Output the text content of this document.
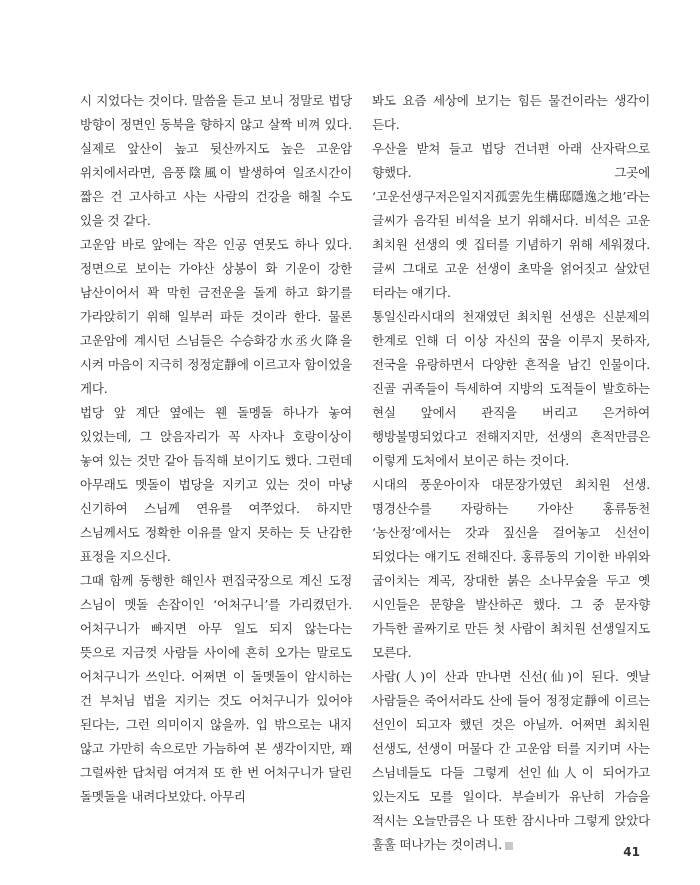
시 지었다는 것이다. 말씀을 듣고 보니 정말로 법당 방향이 정면인 동북을 향하지 않고 살짝 비껴 있다. 실제로 앞산이 높고 뒷산까지도 높은 고운암 위치에서라면, 음풍陰風이 발생하여 일조시간이 짧은 건 고사하고 사는 사람의 건강을 해칠 수도 있을 것 같다.

고운암 바로 앞에는 작은 인공 연못도 하나 있다. 정면으로 보이는 가야산 상봉이 화 기운이 강한 남산이어서 꽉 막힌 금전운을 돌게 하고 화기를 가라앉히기 위해 일부러 파둔 것이라 한다. 물론 고운암에 계시던 스님들은 수승화강水丞火降을 시켜 마음이 지극히 정정定靜에 이르고자 함이었을 게다.

법당 앞 계단 옆에는 웬 돌멩돌 하나가 놓여 있었는데, 그 앉음자리가 꼭 사자나 호랑이상이 놓여 있는 것만 같아 듬직해 보이기도 했다. 그런데 아무래도 멧돌이 법당을 지키고 있는 것이 마냥 신기하여 스님께 연유를 여쭈었다. 하지만 스님께서도 정확한 이유를 알지 못하는 듯 난감한 표정을 지으신다.

그때 함께 동행한 해인사 편집국장으로 계신 도정 스님이 멧돌 손잡이인 ‘어처구니’를 가리켰던가. 어처구니가 빠지면 아무 일도 되지 않는다는 뜻으로 지금껏 사람들 사이에 흔히 오가는 말로도 어처구니가 쓰인다. 어쩌면 이 돌멧돌이 암시하는 건 부처님 법을 지키는 것도 어처구니가 있어야 된다는, 그런 의미이지 않을까. 입 밖으로는 내지 않고 가만히 속으로만 가늠하여 본 생각이지만, 꽤 그럴싸한 답처럼 여겨져 또 한 번 어처구니가 달린 돌멧돌을 내려다보았다. 아무리

봐도 요즘 세상에 보기는 힘든 물건이라는 생각이 든다.

우산을 받쳐 들고 법당 건너편 아래 산자락으로 향했다. 그곳에 ‘고운선생구저은일지지孤雲先生構邸隱逸之地’라는 글씨가 음각된 비석을 보기 위해서다. 비석은 고운 최치원 선생의 옛 집터를 기념하기 위해 세워졌다. 글씨 그대로 고운 선생이 초막을 얽어짓고 살았던 터라는 얘기다.

통일신라시대의 천재였던 최치원 선생은 신분제의 한계로 인해 더 이상 자신의 꿈을 이루지 못하자, 전국을 유랑하면서 다양한 흔적을 남긴 인물이다. 진골 귀족들이 득세하여 지방의 도적들이 발호하는 현실 앞에서 관직을 버리고 은거하여 행방불명되었다고 전해지지만, 선생의 흔적만큼은 이렇게 도처에서 보이곤 하는 것이다.

시대의 풍운아이자 대문장가였던 최치원 선생. 명경산수를 자랑하는 가야산 홍류동천 ‘농산정’에서는 갓과 짚신을 걸어놓고 신선이 되었다는 얘기도 전해진다. 홍류동의 기이한 바위와 굽이치는 계곡, 장대한 붉은 소나무숲을 두고 옛 시인들은 문향을 발산하곤 했다. 그 중 문자향 가득한 골짜기로 만든 첫 사람이 최치원 선생일지도 모른다.

사람(人)이 산과 만나면 신선(仙)이 된다. 옛날 사람들은 죽어서라도 산에 들어 정정定靜에 이르는 선인이 되고자 했던 것은 아닐까. 어쩌면 최치원 선생도, 선생이 머물다 간 고운암 터를 지키며 사는 스님네들도 다들 그렇게 선인仙人이 되어가고 있는지도 모를 일이다. 부슬비가 유난히 가슴을 적시는 오늘만큼은 나 또한 잠시나마 그렇게 앉았다 훌훌 떠나가는 것이려니.	41
